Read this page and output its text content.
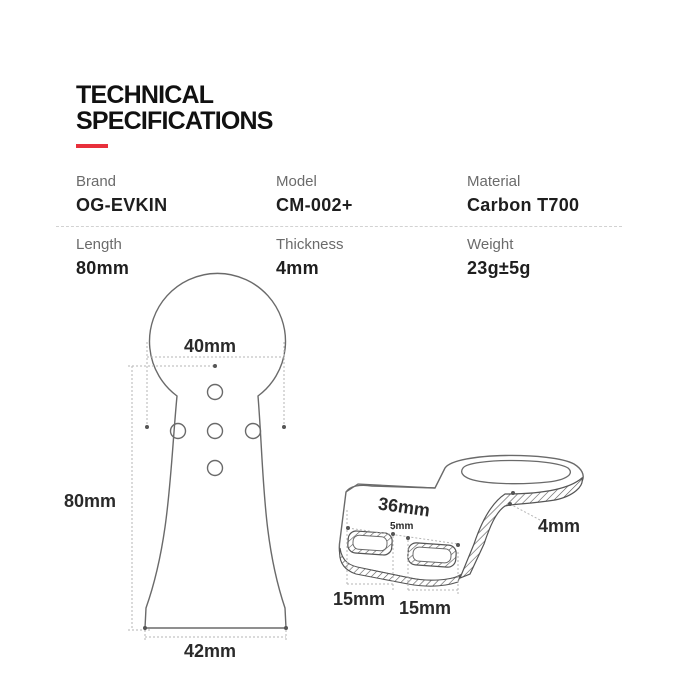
TECHNICAL
SPECIFICATIONS
Brand
OG-EVKIN
Model
CM-002+
Material
Carbon T700
Length
80mm
Thickness
4mm
Weight
23g±5g
40mm
80mm
42mm
36mm
5mm	4mm
15mm 15mm
